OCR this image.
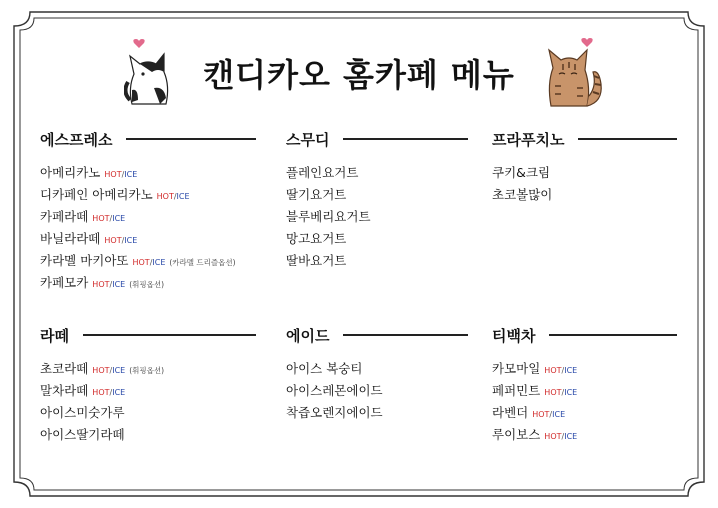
캔디카오 홈카페 메뉴
에스프레소
아메리카노 HOT/ICE
디카페인 아메리카노 HOT/ICE
카페라떼 HOT/ICE
바닐라라떼 HOT/ICE
카라멜 마키아또 HOT/ICE (카라멜 드리즐옵션)
카페모카 HOT/ICE (휘핑옵션)
스무디
플레인요거트
딸기요거트
블루베리요거트
망고요거트
딸바요거트
프라푸치노
쿠키&크림
초코볼많이
라떼
초코라떼 HOT/ICE (휘핑옵션)
말차라떼 HOT/ICE
아이스미숫가루
아이스딸기라떼
에이드
아이스 복숭티
아이스레몬에이드
착즙오렌지에이드
티백차
카모마일 HOT/ICE
페퍼민트 HOT/ICE
라벤더 HOT/ICE
루이보스 HOT/ICE
